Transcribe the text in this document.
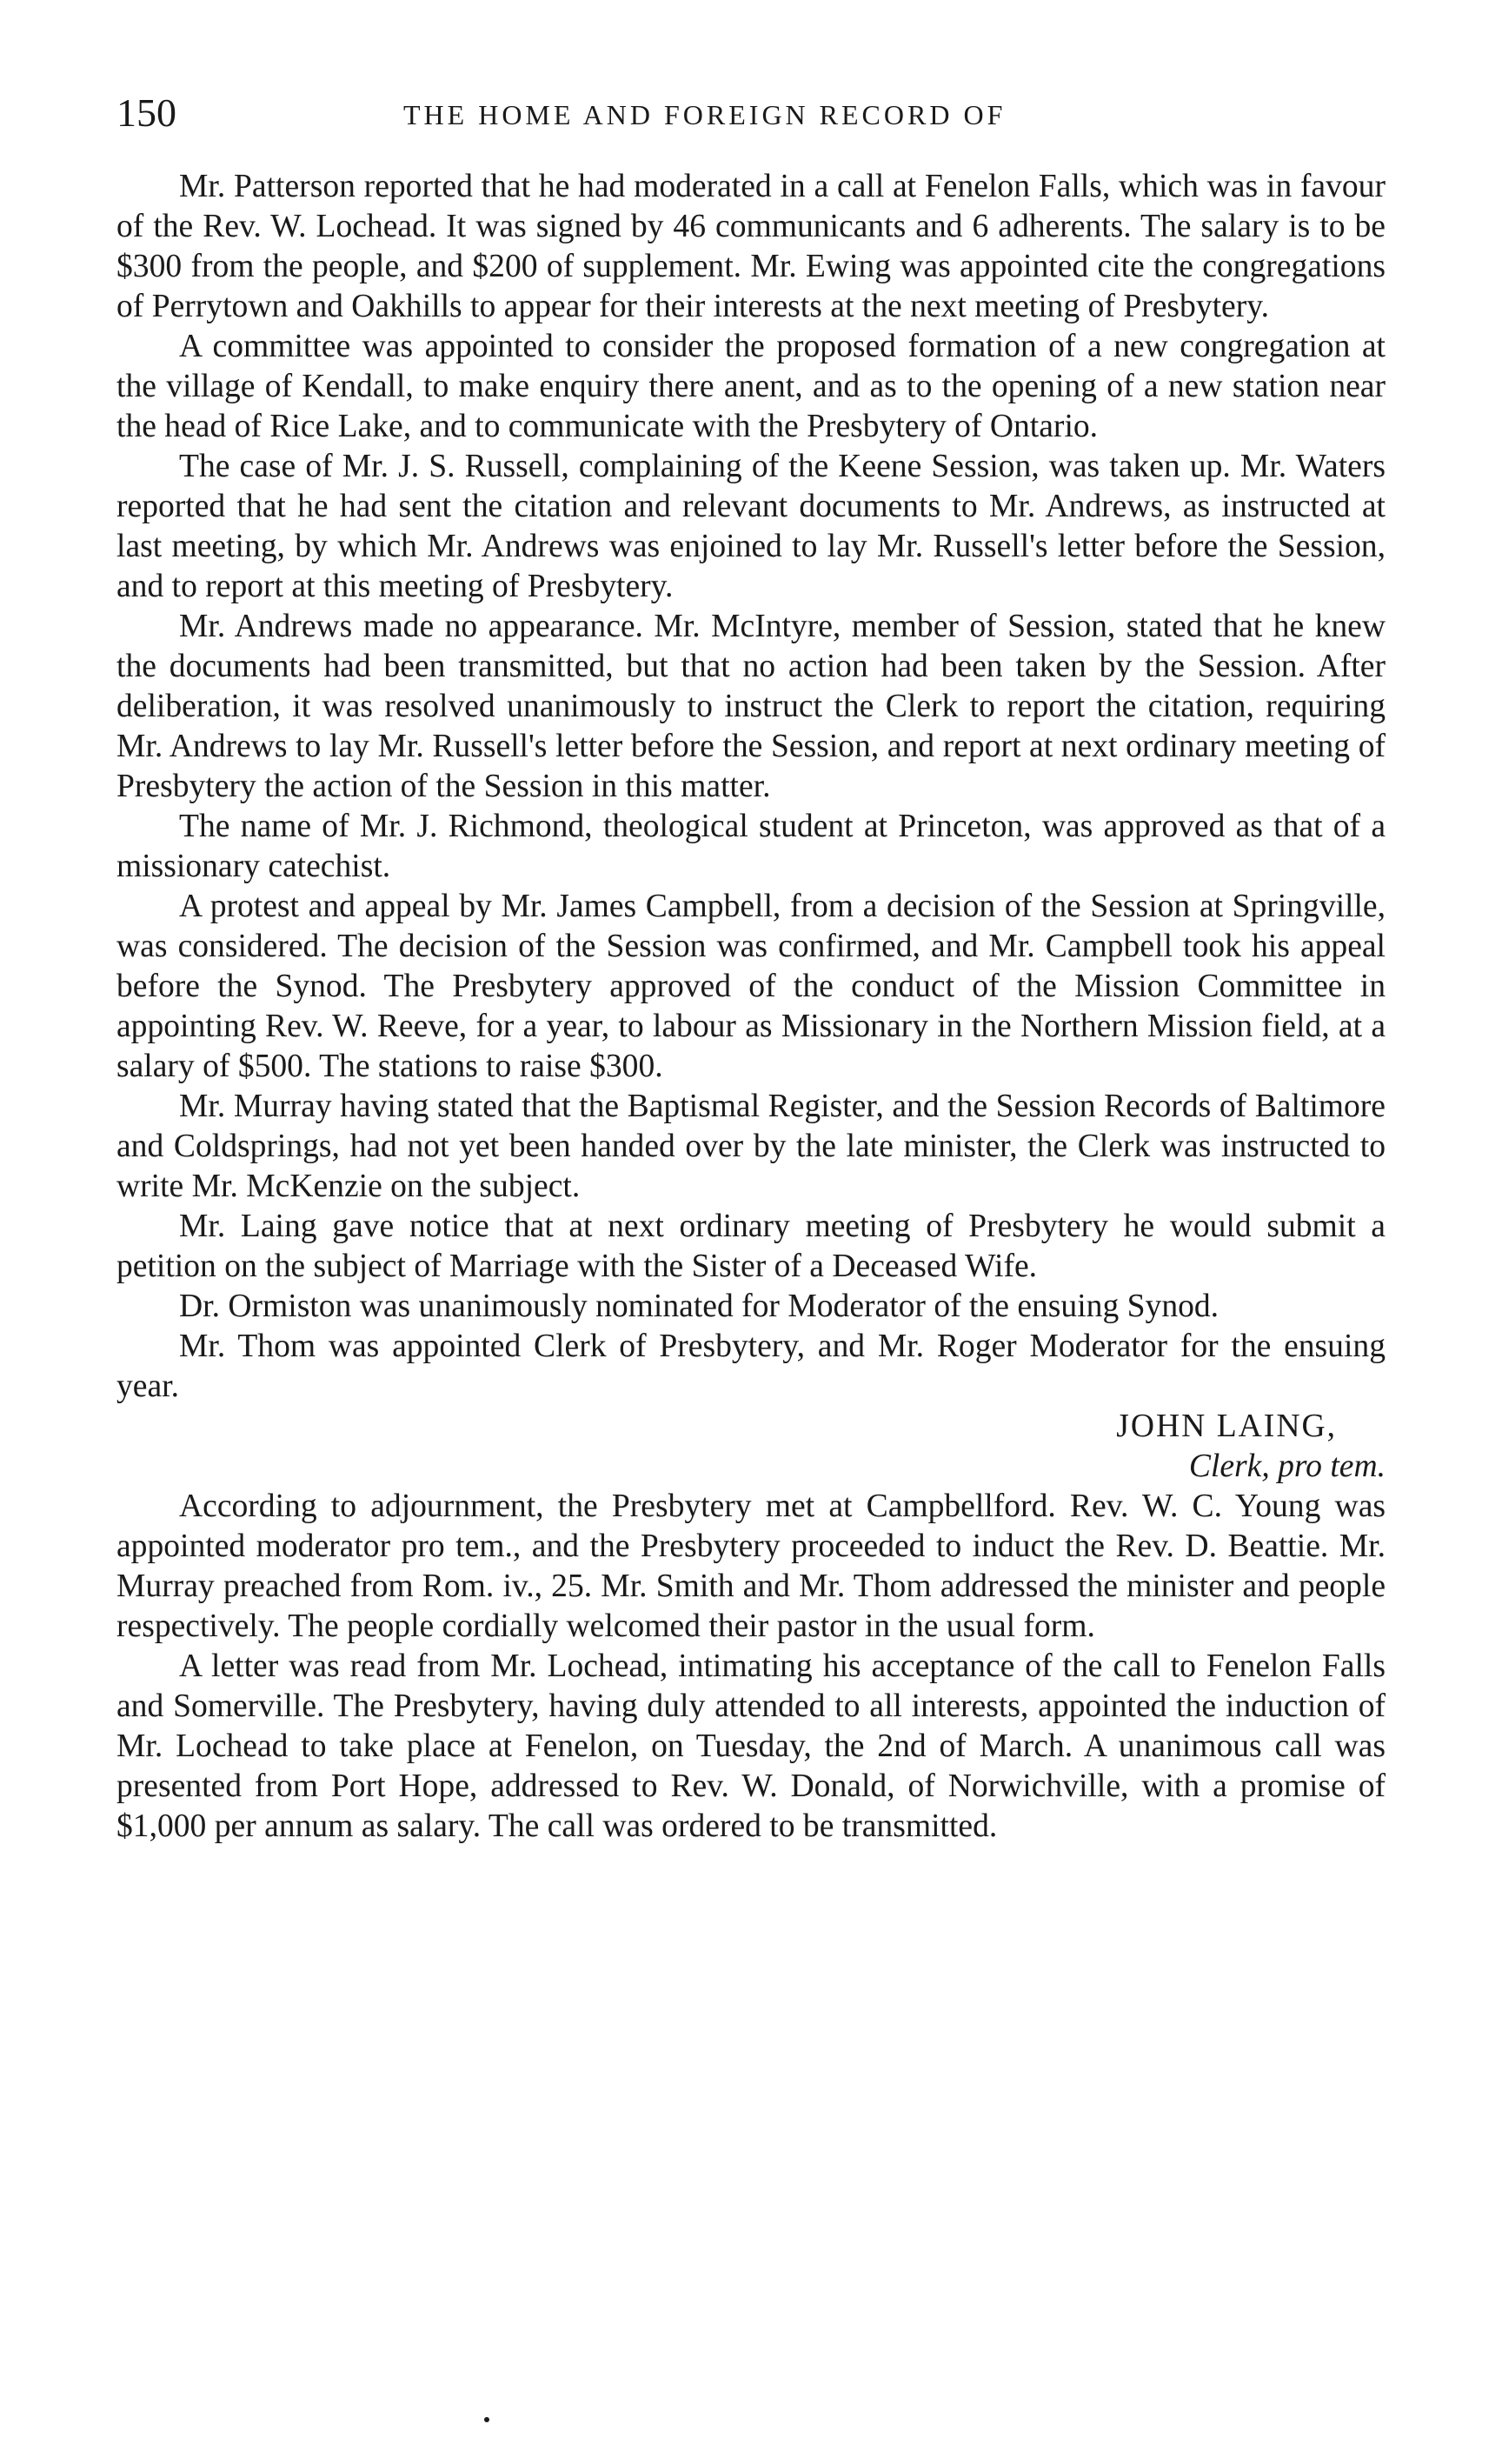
150	THE HOME AND FOREIGN RECORD OF

Mr. Patterson reported that he had moderated in a call at Fenelon Falls, which was in favour of the Rev. W. Lochead. It was signed by 46 communicants and 6 adherents. The salary is to be $300 from the people, and $200 of supplement. Mr. Ewing was appointed cite the congregations of Perrytown and Oakhills to appear for their interests at the next meeting of Presbytery.

A committee was appointed to consider the proposed formation of a new congregation at the village of Kendall, to make enquiry there anent, and as to the opening of a new station near the head of Rice Lake, and to communicate with the Presbytery of Ontario.

The case of Mr. J. S. Russell, complaining of the Keene Session, was taken up. Mr. Waters reported that he had sent the citation and relevant documents to Mr. Andrews, as instructed at last meeting, by which Mr. Andrews was enjoined to lay Mr. Russell's letter before the Session, and to report at this meeting of Presbytery.

Mr. Andrews made no appearance. Mr. McIntyre, member of Session, stated that he knew the documents had been transmitted, but that no action had been taken by the Session. After deliberation, it was resolved unanimously to instruct the Clerk to report the citation, requiring Mr. Andrews to lay Mr. Russell's letter before the Session, and report at next ordinary meeting of Presbytery the action of the Session in this matter.

The name of Mr. J. Richmond, theological student at Princeton, was approved as that of a missionary catechist.

A protest and appeal by Mr. James Campbell, from a decision of the Session at Springville, was considered. The decision of the Session was confirmed, and Mr. Campbell took his appeal before the Synod. The Presbytery approved of the conduct of the Mission Committee in appointing Rev. W. Reeve, for a year, to labour as Missionary in the Northern Mission field, at a salary of $500. The stations to raise $300.

Mr. Murray having stated that the Baptismal Register, and the Session Records of Baltimore and Coldsprings, had not yet been handed over by the late minister, the Clerk was instructed to write Mr. McKenzie on the subject.

Mr. Laing gave notice that at next ordinary meeting of Presbytery he would submit a petition on the subject of Marriage with the Sister of a Deceased Wife.

Dr. Ormiston was unanimously nominated for Moderator of the ensuing Synod.

Mr. Thom was appointed Clerk of Presbytery, and Mr. Roger Moderator for the ensuing year.

JOHN LAING,
Clerk, pro tem.

According to adjournment, the Presbytery met at Campbellford. Rev. W. C. Young was appointed moderator pro tem., and the Presbytery proceeded to induct the Rev. D. Beattie. Mr. Murray preached from Rom. iv., 25. Mr. Smith and Mr. Thom addressed the minister and people respectively. The people cordially welcomed their pastor in the usual form.

A letter was read from Mr. Lochead, intimating his acceptance of the call to Fenelon Falls and Somerville. The Presbytery, having duly attended to all interests, appointed the induction of Mr. Lochead to take place at Fenelon, on Tuesday, the 2nd of March. A unanimous call was presented from Port Hope, addressed to Rev. W. Donald, of Norwichville, with a promise of $1,000 per annum as salary. The call was ordered to be transmitted.
